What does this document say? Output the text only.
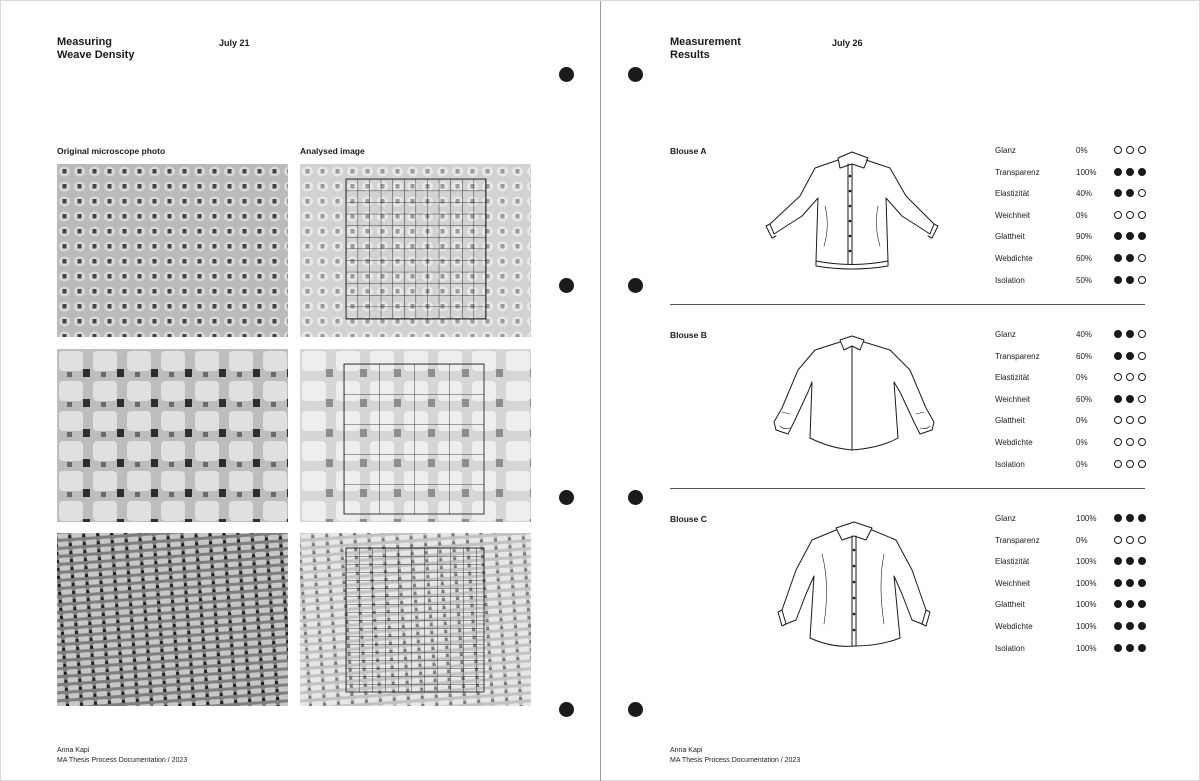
Measuring
Weave Density
July 21
Original microscope photo	Analysed image
Anna Kapi
MA Thesis Process Documentation / 2023
Measurement
Results
July 26
Blouse A	Glanz	0%
Transparenz	100%
Elastizität	40%
Weichheit	0%
Glattheit	90%
Webdichte	60%
Isolation	50%
Blouse B	Glanz	40%
Transparenz	60%
Elastizität	0%
Weichheit	60%
Glattheit	0%
Webdichte	0%
Isolation	0%
Blouse C	Glanz	100%
Transparenz	0%
Elastizität	100%
Weichheit	100%
Glattheit	100%
Webdichte	100%
Isolation	100%
Anna Kapi
MA Thesis Process Documentation / 2023
